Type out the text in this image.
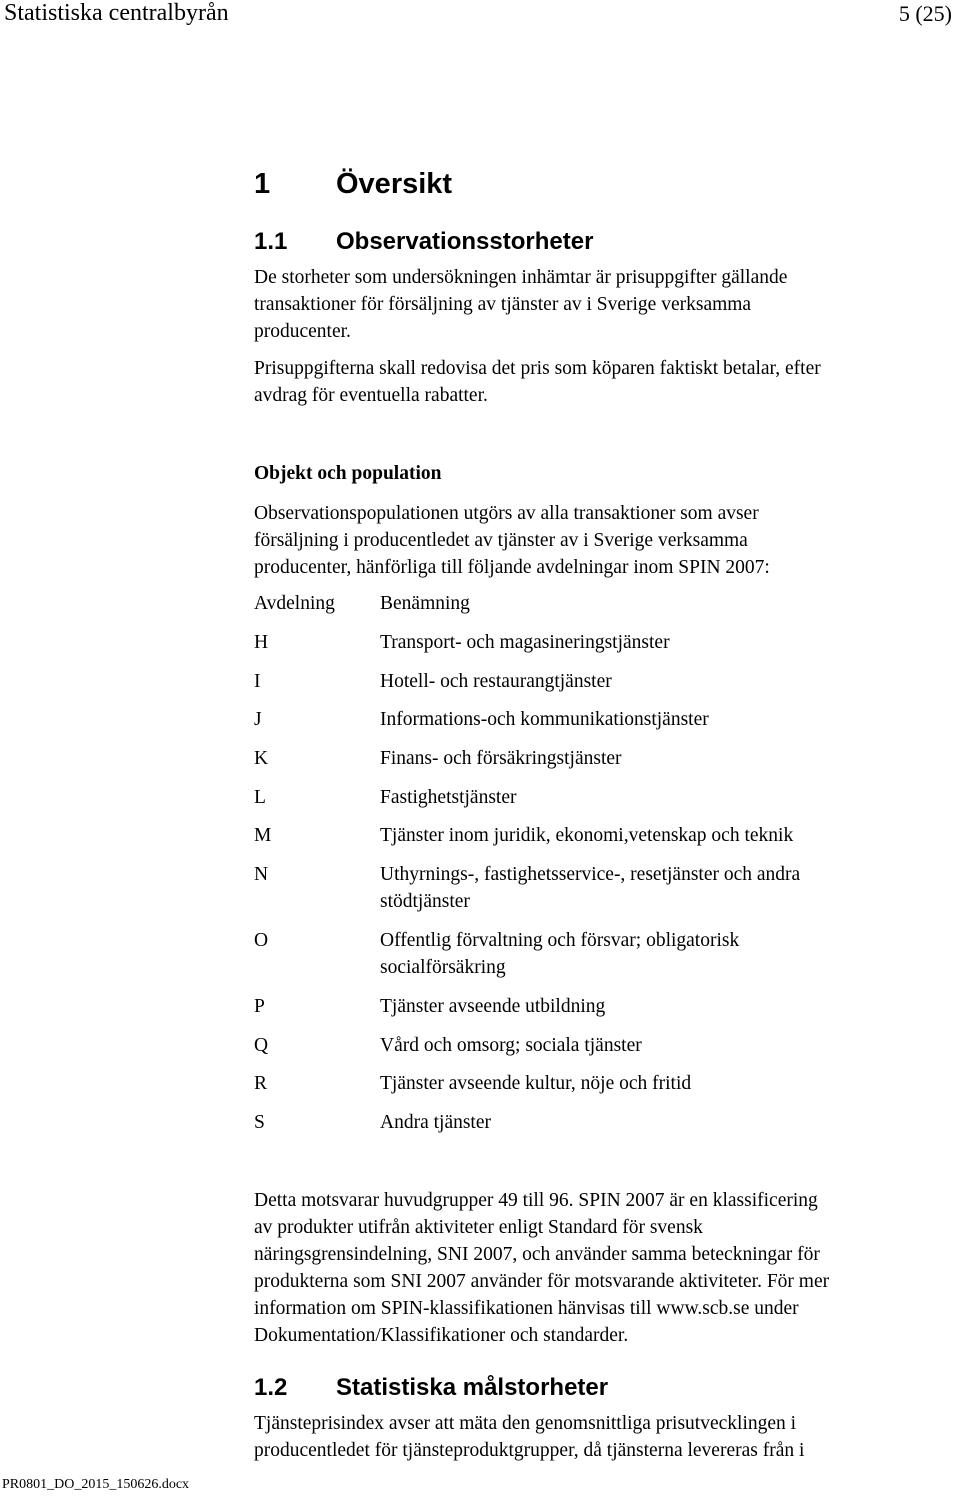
Statistiska centralbyrån	5 (25)
1 Översikt
1.1 Observationsstorheter
De storheter som undersökningen inhämtar är prisuppgifter gällande
transaktioner för försäljning av tjänster av i Sverige verksamma
producenter.
Prisuppgifterna skall redovisa det pris som köparen faktiskt betalar, efter
avdrag för eventuella rabatter.
Objekt och population
Observationspopulationen utgörs av alla transaktioner som avser
försäljning i producentledet av tjänster av i Sverige verksamma
producenter, hänförliga till följande avdelningar inom SPIN 2007:
Avdelning Benämning
H	Transport- och magasineringstjänster
I	Hotell- och restaurangtjänster
J	Informations-och kommunikationstjänster
K	Finans- och försäkringstjänster
L	Fastighetstjänster
M	Tjänster inom juridik, ekonomi,vetenskap och teknik
N	Uthyrnings-, fastighetsservice-, resetjänster och andra
stödtjänster
O	Offentlig förvaltning och försvar; obligatorisk
socialförsäkring
P	Tjänster avseende utbildning
Q	Vård och omsorg; sociala tjänster
R	Tjänster avseende kultur, nöje och fritid
S	Andra tjänster
Detta motsvarar huvudgrupper 49 till 96. SPIN 2007 är en klassificering
av produkter utifrån aktiviteter enligt Standard för svensk
näringsgrensindelning, SNI 2007, och använder samma beteckningar för
produkterna som SNI 2007 använder för motsvarande aktiviteter. För mer
information om SPIN-klassifikationen hänvisas till www.scb.se under
Dokumentation/Klassifikationer och standarder.
1.2 Statistiska målstorheter
Tjänsteprisindex avser att mäta den genomsnittliga prisutvecklingen i
producentledet för tjänsteproduktgrupper, då tjänsterna levereras från i
PR0801_DO_2015_150626.docx
